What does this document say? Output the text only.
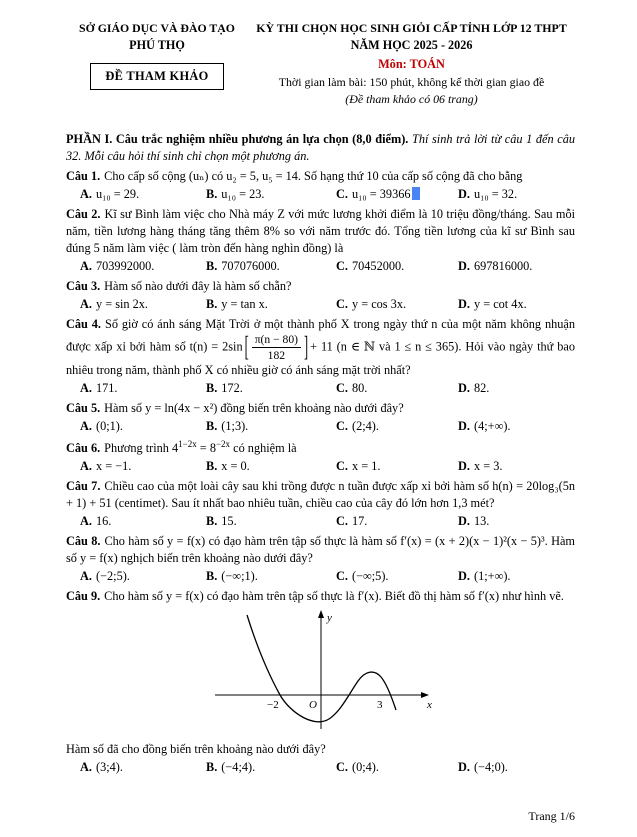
SỞ GIÁO DỤC VÀ ĐÀO TẠO
PHÚ THỌ
ĐỀ THAM KHẢO
KỲ THI CHỌN HỌC SINH GIỎI CẤP TỈNH LỚP 12 THPT
NĂM HỌC 2025 - 2026
Môn: TOÁN
Thời gian làm bài: 150 phút, không kể thời gian giao đề
(Đề tham khảo có 06 trang)

PHẦN I. Câu trắc nghiệm nhiều phương án lựa chọn (8,0 điểm). Thí sinh trả lời từ câu 1 đến câu 32. Mỗi câu hỏi thí sinh chỉ chọn một phương án.

Câu 1. Cho cấp số cộng (uₙ) có u₂ = 5, u₅ = 14. Số hạng thứ 10 của cấp số cộng đã cho bằng

A. u₁₀ = 29.	B. u₁₀ = 23.	C. u₁₀ = 39366	D. u₁₀ = 32.

Câu 2. Kĩ sư Bình làm việc cho Nhà máy Z với mức lương khởi điểm là 10 triệu đồng/tháng. Sau mỗi năm, tiền lương hàng tháng tăng thêm 8% so với năm trước đó. Tổng tiền lương của kĩ sư Bình sau đúng 5 năm làm việc ( làm tròn đến hàng nghìn đồng) là

A. 703992000.	B. 707076000.	C. 70452000.	D. 697816000.

Câu 3. Hàm số nào dưới đây là hàm số chẵn?

A. y = sin 2x.	B. y = tan x.	C. y = cos 3x.	D. y = cot 4x.

Câu 4. Số giờ có ánh sáng Mặt Trời ở một thành phố X trong ngày thứ n của một năm không nhuận được xấp xỉ bởi hàm số t(n) = 2sin [ $\frac{\pi(n - 80)}{182}$ ] + 11 (n ∈ ℕ và 1 ≤ n ≤ 365). Hỏi vào ngày thứ bao nhiêu trong năm, thành phố X có nhiều giờ có ánh sáng mặt trời nhất?

A. 171.	B. 172.	C. 80.	D. 82.

Câu 5. Hàm số y = ln(4x − x²) đồng biến trên khoảng nào dưới đây?

A. (0;1).	B. (1;3).	C. (2;4).	D. (4;+∞).

Câu 6. Phương trình $4^{1-2x} = 8^{-2x}$ có nghiệm là

A. x = −1.	B. x = 0.	C. x = 1.	D. x = 3.

Câu 7. Chiều cao của một loài cây sau khi trồng được n tuần được xấp xỉ bởi hàm số h(n) = 20log₃(5n + 1) + 51 (centimet). Sau ít nhất bao nhiêu tuần, chiều cao của cây đó lớn hơn 1,3 mét?

A. 16.	B. 15.	C. 17.	D. 13.

Câu 8. Cho hàm số y = f(x) có đạo hàm trên tập số thực là hàm số f′(x) = (x + 2)(x − 1)²(x − 5)³. Hàm số y = f(x) nghịch biến trên khoảng nào dưới đây?

A. (−2;5).	B. (−∞;1).	C. (−∞;5).	D. (1;+∞).

Câu 9. Cho hàm số y = f(x) có đạo hàm trên tập số thực là f′(x). Biết đồ thị hàm số f′(x) như hình vẽ.

−2	O	3	x
y

Hàm số đã cho đồng biến trên khoảng nào dưới đây?

A. (3;4).	B. (−4;4).	C. (0;4).	D. (−4;0).
Trang 1/6
